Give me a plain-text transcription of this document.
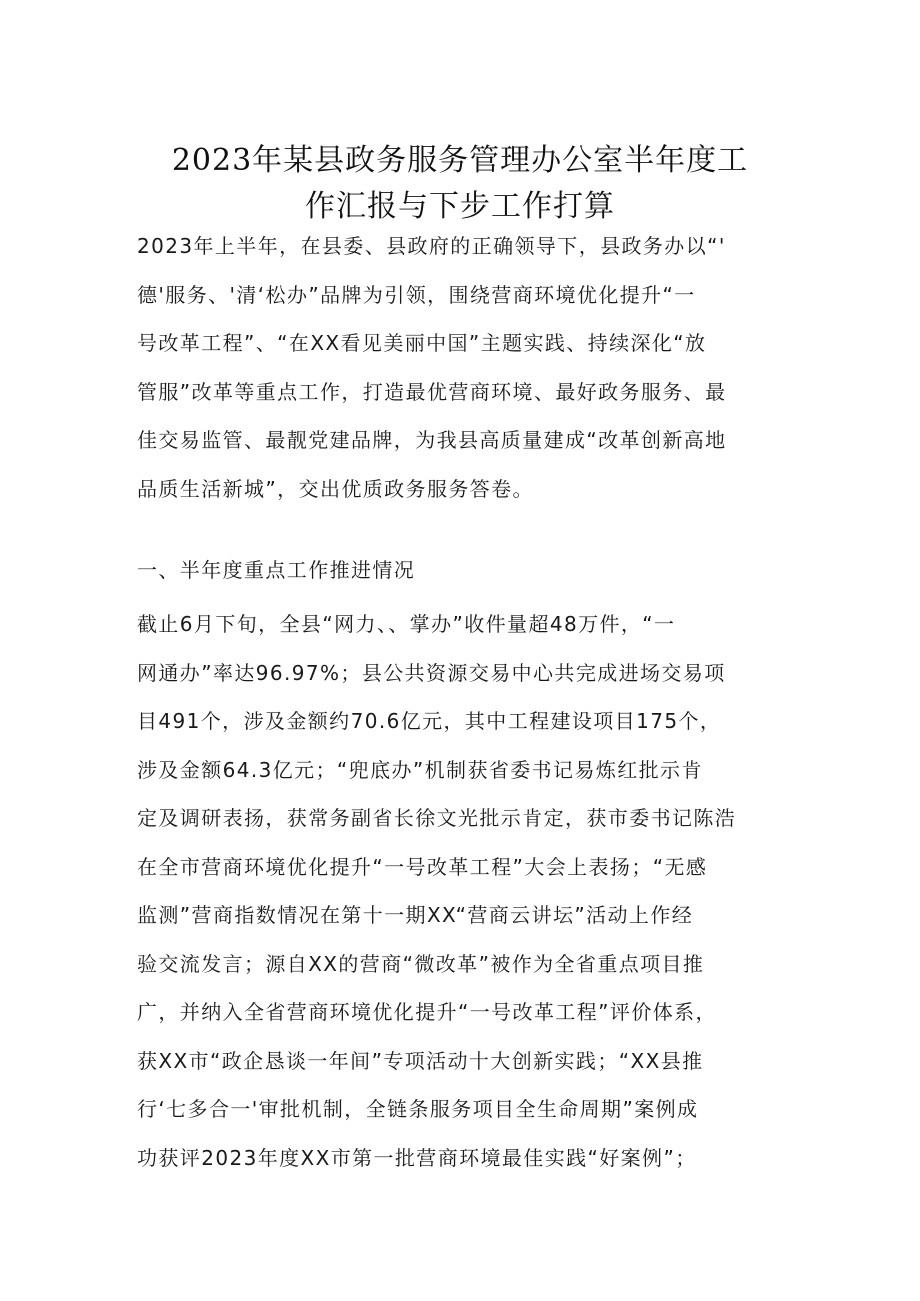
2023年某县政务服务管理办公室半年度工
作汇报与下步工作打算
2023年上半年，在县委、县政府的正确领导下，县政务办以“'
德'服务、'清‘松办”品牌为引领，围绕营商环境优化提升“一
号改革工程”、“在XX看见美丽中国”主题实践、持续深化“放
管服”改革等重点工作，打造最优营商环境、最好政务服务、最
佳交易监管、最靓党建品牌，为我县高质量建成“改革创新高地
品质生活新城”，交出优质政务服务答卷。
一、半年度重点工作推进情况
截止6月下旬，全县“网力、、掌办”收件量超48万件，“一
网通办”率达96.97%；县公共资源交易中心共完成进场交易项
目491个，涉及金额约70.6亿元，其中工程建设项目175个，
涉及金额64.3亿元；“兜底办”机制获省委书记易炼红批示肯
定及调研表扬，获常务副省长徐文光批示肯定，获市委书记陈浩
在全市营商环境优化提升“一号改革工程”大会上表扬；“无感
监测”营商指数情况在第十一期XX“营商云讲坛”活动上作经
验交流发言；源自XX的营商“微改革”被作为全省重点项目推
广，并纳入全省营商环境优化提升“一号改革工程”评价体系，
获XX市“政企恳谈一年间”专项活动十大创新实践；“XX县推
行‘七多合一'审批机制，全链条服务项目全生命周期”案例成
功获评2023年度XX市第一批营商环境最佳实践“好案例”；
